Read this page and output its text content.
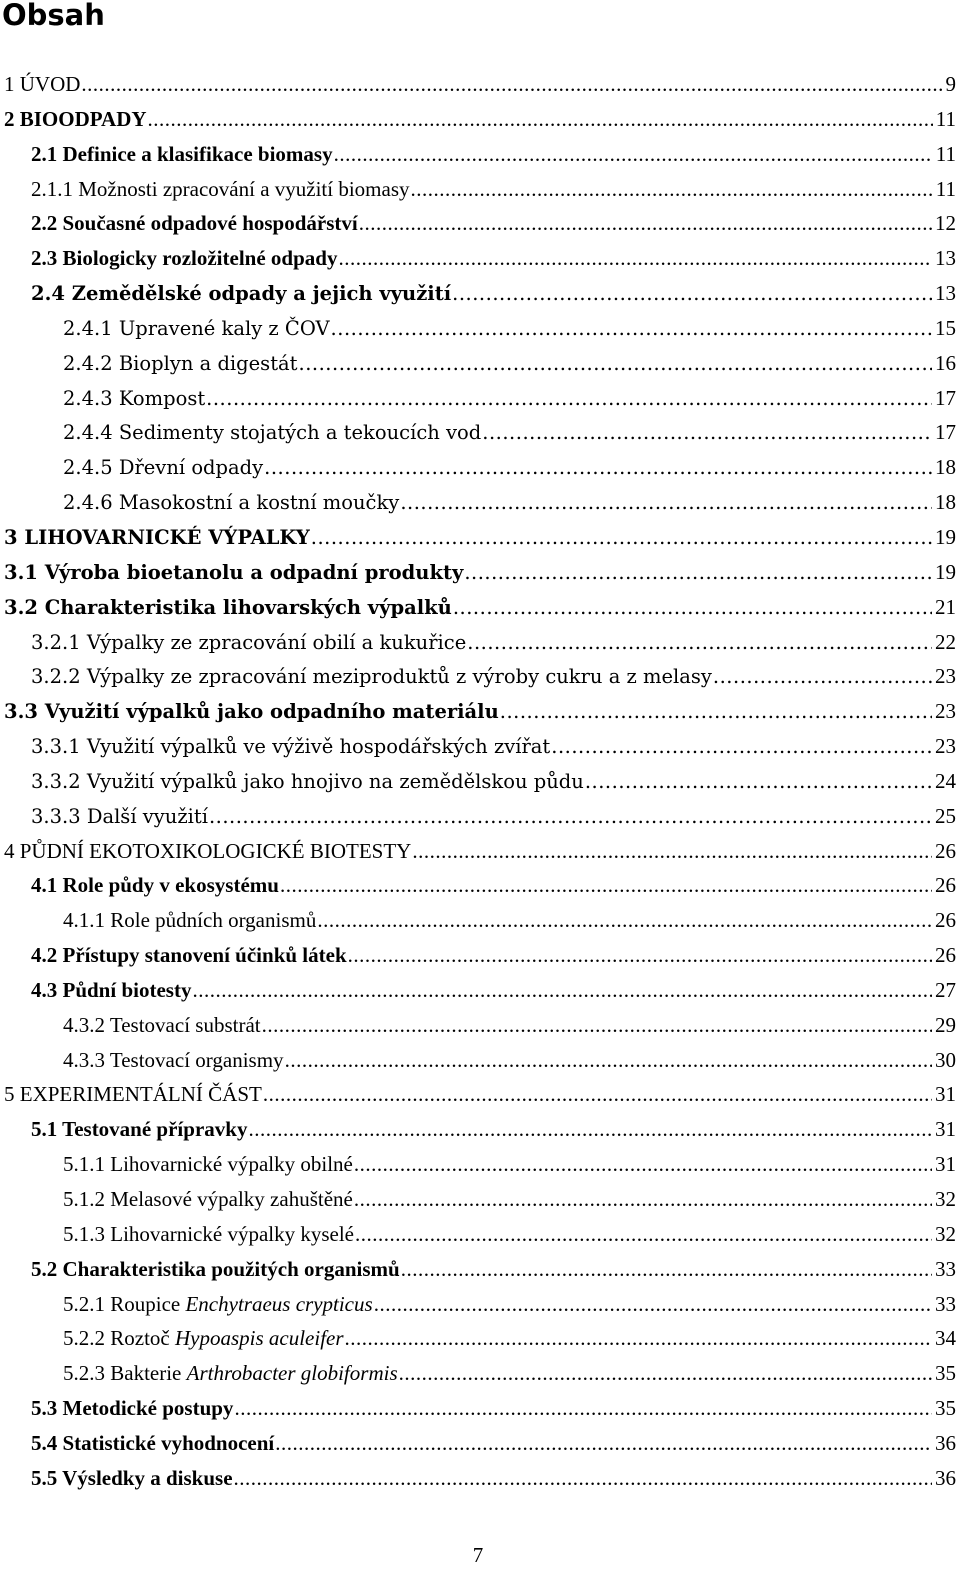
Obsah
1 ÚVOD .....	9
2 BIOODPADY .....	11
2.1 Definice a klasifikace biomasy .....	11
2.1.1 Možnosti zpracování a využití biomasy .....	11
2.2 Současné odpadové hospodářství .....	12
2.3 Biologicky rozložitelné odpady .....	13
2.4 Zemědělské odpady a jejich využití .....	13
2.4.1 Upravené kaly z ČOV .....	15
2.4.2 Bioplyn a digestát .....	16
2.4.3 Kompost .....	17
2.4.4 Sedimenty stojatých a tekoucích vod .....	17
2.4.5 Dřevní odpady .....	18
2.4.6 Masokostní a kostní moučky .....	18
3 LIHOVARNICKÉ VÝPALKY .....	19
3.1 Výroba bioetanolu a odpadní produkty .....	19
3.2 Charakteristika lihovarských výpalků .....	21
3.2.1 Výpalky ze zpracování obilí a kukuřice .....	22
3.2.2 Výpalky ze zpracování meziproduktů z výroby cukru a z melasy .....	23
3.3 Využití výpalků jako odpadního materiálu .....	23
3.3.1 Využití výpalků ve výživě hospodářských zvířat .....	23
3.3.2 Využití výpalků jako hnojivo na zemědělskou půdu .....	24
3.3.3 Další využití .....	25
4 PŮDNÍ EKOTOXIKOLOGICKÉ BIOTESTY .....	26
4.1 Role půdy v ekosystému .....	26
4.1.1 Role půdních organismů .....	26
4.2 Přístupy stanovení účinků látek .....	26
4.3 Půdní biotesty .....	27
4.3.2 Testovací substrát .....	29
4.3.3 Testovací organismy .....	30
5 EXPERIMENTÁLNÍ ČÁST .....	31
5.1 Testované přípravky .....	31
5.1.1 Lihovarnické výpalky obilné .....	31
5.1.2 Melasové výpalky zahuštěné .....	32
5.1.3 Lihovarnické výpalky kyselé .....	32
5.2 Charakteristika použitých organismů .....	33
5.2.1 Roupice Enchytraeus crypticus .....	33
5.2.2 Roztoč Hypoaspis aculeifer .....	34
5.2.3 Bakterie Arthrobacter globiformis .....	35
5.3 Metodické postupy .....	35
5.4 Statistické vyhodnocení .....	36
5.5 Výsledky a diskuse .....	36
7
